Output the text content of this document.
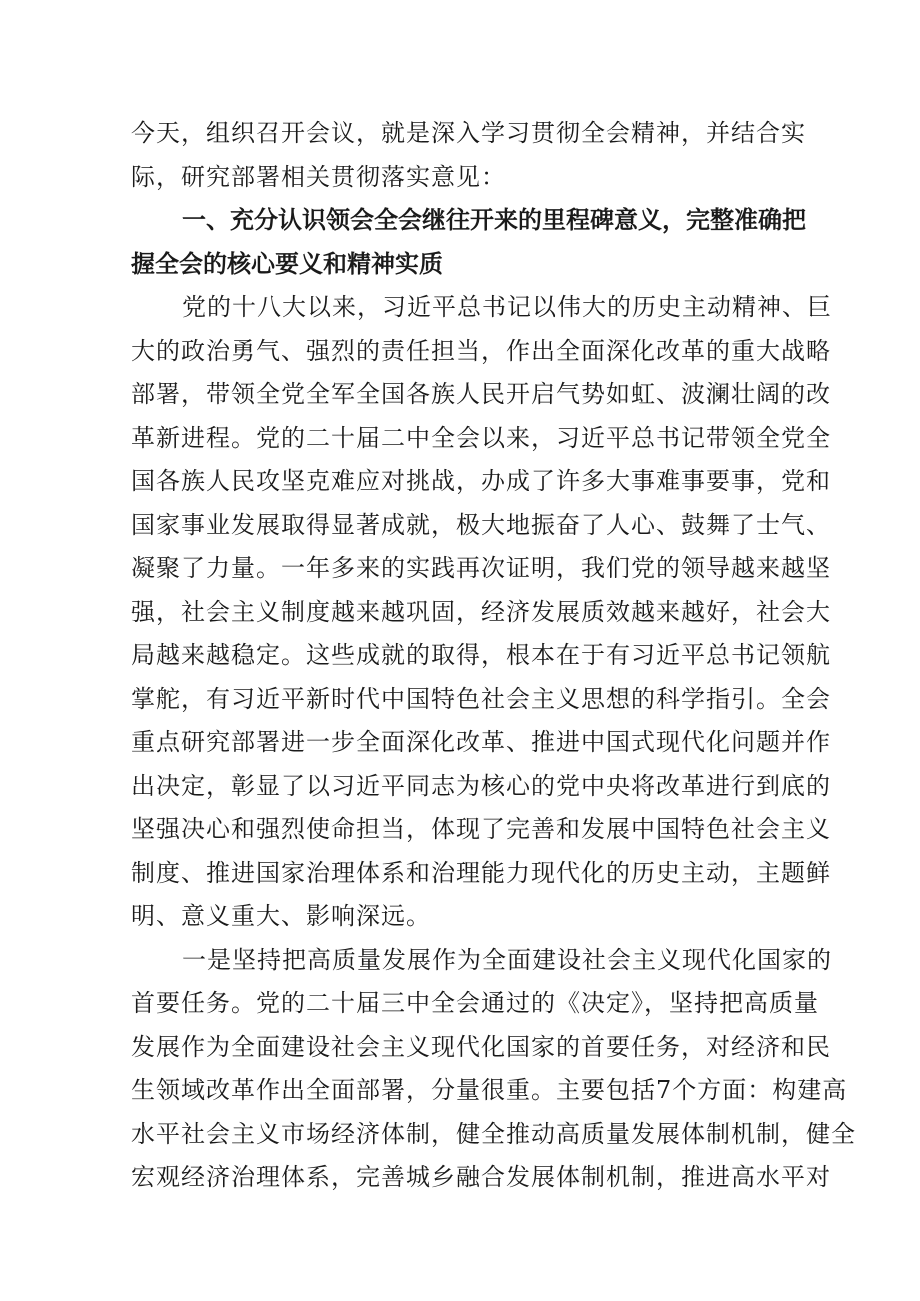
今天，组织召开会议，就是深入学习贯彻全会精神，并结合实
际，研究部署相关贯彻落实意见：
一、充分认识领会全会继往开来的里程碑意义，完整准确把
握全会的核心要义和精神实质
党的十八大以来，习近平总书记以伟大的历史主动精神、巨
大的政治勇气、强烈的责任担当，作出全面深化改革的重大战略
部署，带领全党全军全国各族人民开启气势如虹、波澜壮阔的改
革新进程。党的二十届二中全会以来，习近平总书记带领全党全
国各族人民攻坚克难应对挑战，办成了许多大事难事要事，党和
国家事业发展取得显著成就，极大地振奋了人心、鼓舞了士气、
凝聚了力量。一年多来的实践再次证明，我们党的领导越来越坚
强，社会主义制度越来越巩固，经济发展质效越来越好，社会大
局越来越稳定。这些成就的取得，根本在于有习近平总书记领航
掌舵，有习近平新时代中国特色社会主义思想的科学指引。全会
重点研究部署进一步全面深化改革、推进中国式现代化问题并作
出决定，彰显了以习近平同志为核心的党中央将改革进行到底的
坚强决心和强烈使命担当，体现了完善和发展中国特色社会主义
制度、推进国家治理体系和治理能力现代化的历史主动，主题鲜
明、意义重大、影响深远。
一是坚持把高质量发展作为全面建设社会主义现代化国家的
首要任务。党的二十届三中全会通过的《决定》，坚持把高质量
发展作为全面建设社会主义现代化国家的首要任务，对经济和民
生领域改革作出全面部署，分量很重。主要包括7个方面：构建高
水平社会主义市场经济体制，健全推动高质量发展体制机制，健全
宏观经济治理体系，完善城乡融合发展体制机制，推进高水平对
